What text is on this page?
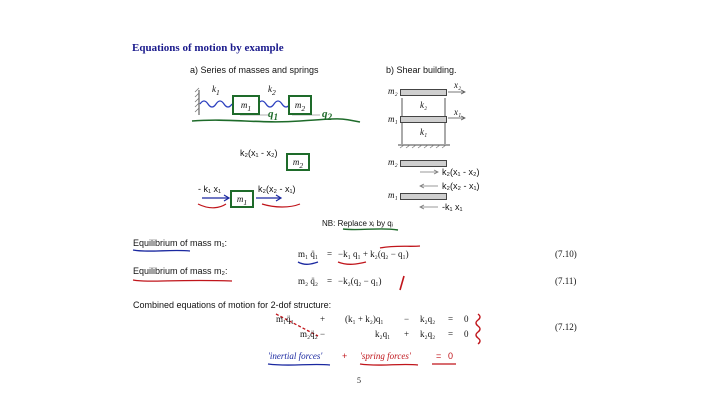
Equations of motion by example
a) Series of masses and springs
$k_1$	$k_2$
$m_1$	$m_2$
$q_1$	$q_2$
k₂(x₁ - x₂)
$m_2$
- k₁ x₁	k₂(x₂ - x₁)
$m_1$
b) Shear building.
m₂
m₁
k₂
k₁
x₂
x₁
m₂
m₁
k₂(x₁ - x₂)
k₂(x₂ - x₁)
-k₁ x₁
NB: Replace xᵢ by qᵢ
Equilibrium of mass m₁:
m₁ q̈₁ = −k₁ q₁ + k₂(q₂ − q₁)	(7.10)
Equilibrium of mass m₂:
m₂ q̈₂ = −k₂(q₂ − q₁)	(7.11)
Combined equations of motion for 2-dof structure:
m₁q̈₁	+ (k₁ + k₂)q₁ − k₂q₂ = 0
m₂q̈₂ −	k₂q₁ + k₂q₂ = 0
(7.12)
'inertial forces' + 'spring forces'	= 0
5
